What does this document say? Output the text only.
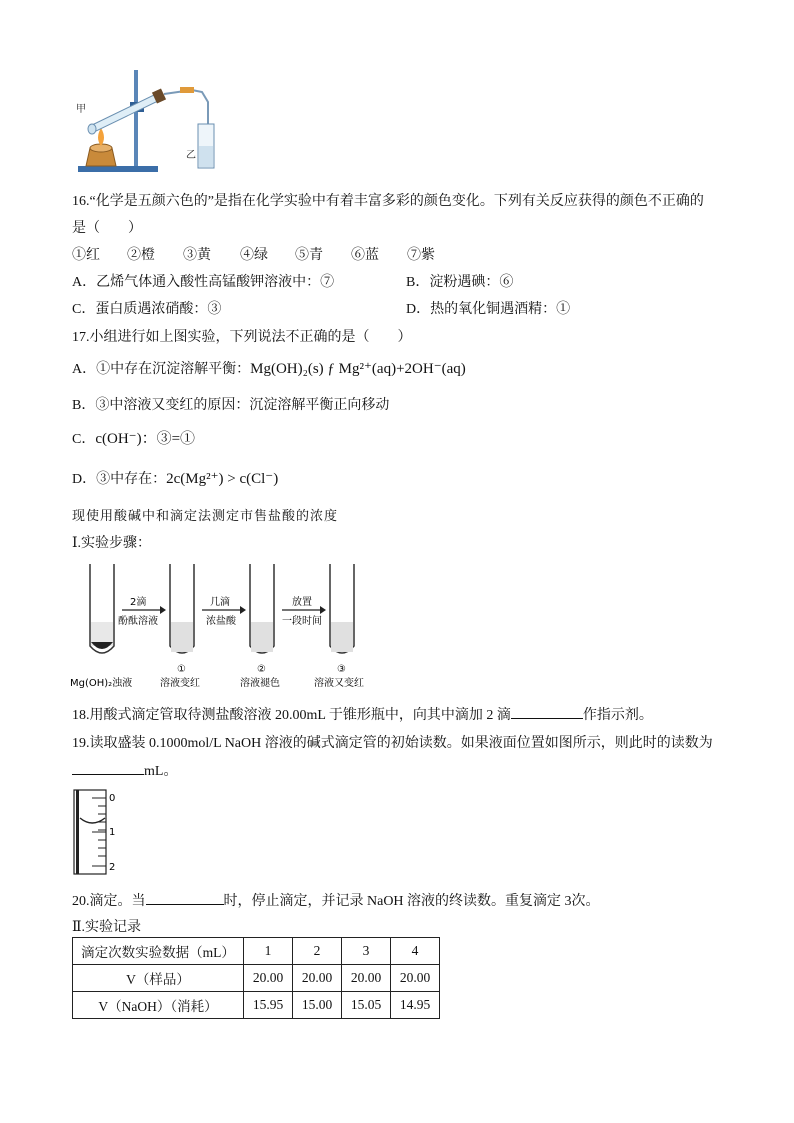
甲
乙
16.“化学是五颜六色的”是指在化学实验中有着丰富多彩的颜色变化。下列有关反应获得的颜色不正确的
是（　　）
①红 ②橙 ③黄 ④绿 ⑤青 ⑥蓝 ⑦紫
A．乙烯气体通入酸性高锰酸钾溶液中：⑦	B．淀粉遇碘：⑥
C．蛋白质遇浓硝酸：③	D．热的氧化铜遇酒精：①
17.小组进行如上图实验，下列说法不正确的是（　　）
A．①中存在沉淀溶解平衡：Mg(OH)₂(s) ƒ Mg²⁺(aq)+2OH⁻(aq)
B．③中溶液又变红的原因：沉淀溶解平衡正向移动
C．c(OH⁻)：③=①
D．③中存在：2c(Mg²⁺) > c(Cl⁻)
现使用酸碱中和滴定法测定市售盐酸的浓度
Ⅰ.实验步骤：
2滴
酚酞溶液
几滴
浓盐酸
放置
一段时间
Mg(OH)₂浊液
①
溶液变红
②
溶液褪色
③
溶液又变红
18.用酸式滴定管取待测盐酸溶液 20.00mL 于锥形瓶中，向其中滴加 2 滴	作指示剂。
19.读取盛装 0.1000mol/L NaOH 溶液的碱式滴定管的初始读数。如果液面位置如图所示，则此时的读数为
mL。
0
1
2
20.滴定。当	时，停止滴定，并记录 NaOH 溶液的终读数。重复滴定 3次。
Ⅱ.实验记录
滴定次数实验数据（mL）	1	2	3	4
V（样品）	20.00	20.00	20.00	20.00
V（NaOH）（消耗）	15.95	15.00	15.05	14.95
